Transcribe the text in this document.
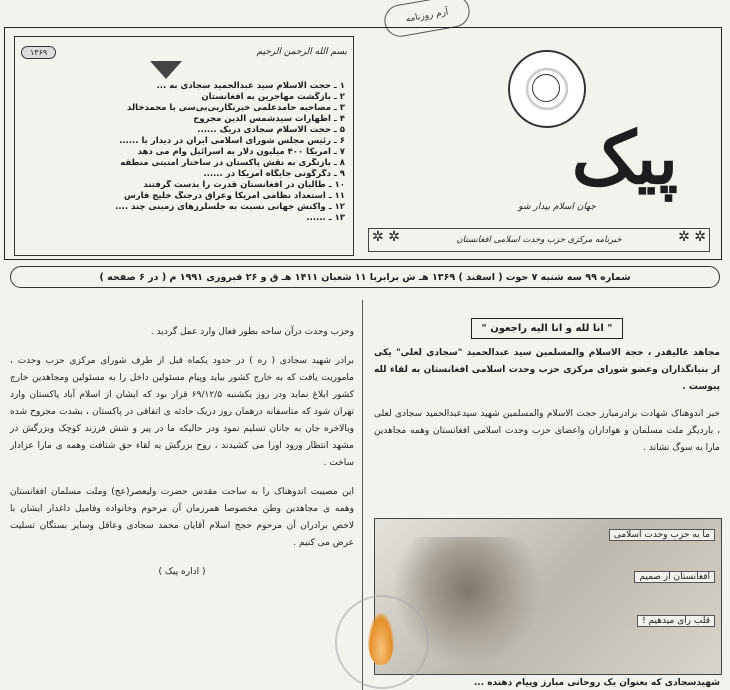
آرم روزنامه
بسم الله الرحمن الرحیم
۱۳۶۹
۱ ـ حجت الاسلام سید عبدالحمید سجادی به ...
۲ ـ بازگشت مهاجرین به افغانستان
۳ ـ مصاحبه حامدعلمی خبرنگاربی‌بی‌سی با محمدخالد
۴ ـ اظهارات سیدشمس الدین مجروح
۵ ـ حجت الاسلام سجادی دریک ......
۶ ـ رئیس مجلس شورای اسلامی ایران در دیدار با ......
۷ ـ امریکا ۴۰۰ میلیون دلار به اسرائیل وام می دهد
۸ ـ بازنگری به نقش پاکستان در ساختار امنیتی منطقه
۹ ـ دگرگونی جایگاه آمریکا در ......
۱۰ ـ طالبان در افغانستان قدرت را بدست گرفتند
۱۱ ـ استعداد نظامی آمریکا وعراق درجنگ خلیج فارس
۱۲ ـ واکنش جهانی نسبت به جلسلرزهای زمینی چند ....
۱۳ ـ ......
پیک
جهان اسلام بیدار شو
✲ ✲
خبرنامه مرکزی حزب وحدت اسلامی افغانستان
✲ ✲
شماره ۹۹ سه شنبه ۷ حوت ( اسفند ) ۱۳۶۹ هـ ش برابربا ۱۱ شعبان ۱۴۱۱ هـ ق و ۲۶ فبروری ۱۹۹۱ م ( در ۶ صفحه )
" انا لله و انا الیه راجعون "

مجاهد عالیقدر ، حجة الاسلام والمسلمین سید عبدالحمید "سجادی لعلی" یکی از بنیانگذاران وعضو شورای مرکزی حزب وحدت اسلامی افغانستان به لقاء لله پیوست .

خبر اندوهناک شهادت برادرمبارز حجت الاسلام والمسلمین شهید سیدعبدالحمید سجادی لعلی ، باردیگر ملت مسلمان و هواداران واعضای حزب وحدت اسلامی افغانستان وهمه مجاهدین مارا به سوگ نشاند .

ما به حزب وحدت اسلامی
افغانستان از صمیم
قلب رای میدهیم !
شهیدسجادی که بعنوان یک روحانی مبارز وپیام دهنده ...

وحزب وحدت درآن ساحه بطور فعال وارد عمل گردید .

برادر شهید سجادی ( ره ) در حدود یکماه قبل از طرف شورای مرکزی حزب وحدت ، ماموریت یافت که به خارج کشور بیاید وپیام مسئولین داخل را به مسئولین ومجاهدین خارج کشور ابلاغ نماید ودر روز یکشنبه ۶۹/۱۲/۵ قرار بود که ایشان از اسلام آباد پاکستان وارد تهران شود که متاسفانه درهمان روز دریک حادثه ی اتفاقی در پاکستان ، بشدت مجروح شده وبالاخره جان به جانان تسلیم نمود ودر حالیکه ما در پیر و شش فرزند کوچک وبزرگش در مشهد انتظار ورود اورا می کشیدند ، روح بزرگش به لقاء حق شتافت وهمه ی مارا عزادار ساخت .

این مصیبت اندوهناک را به ساحت مقدس حضرت ولیعصر(عج) وملت مسلمان افغانستان وهمه ی مجاهدین وطن مخصوصا همرزمان آن مرحوم وخانواده وفامیل داغدار ایشان با لاخص برادران آن مرحوم حجج اسلام آقایان محمد سجادی وعاقل وسایر بستگان تسلیت عرض می کنیم .

( اداره پیک )
